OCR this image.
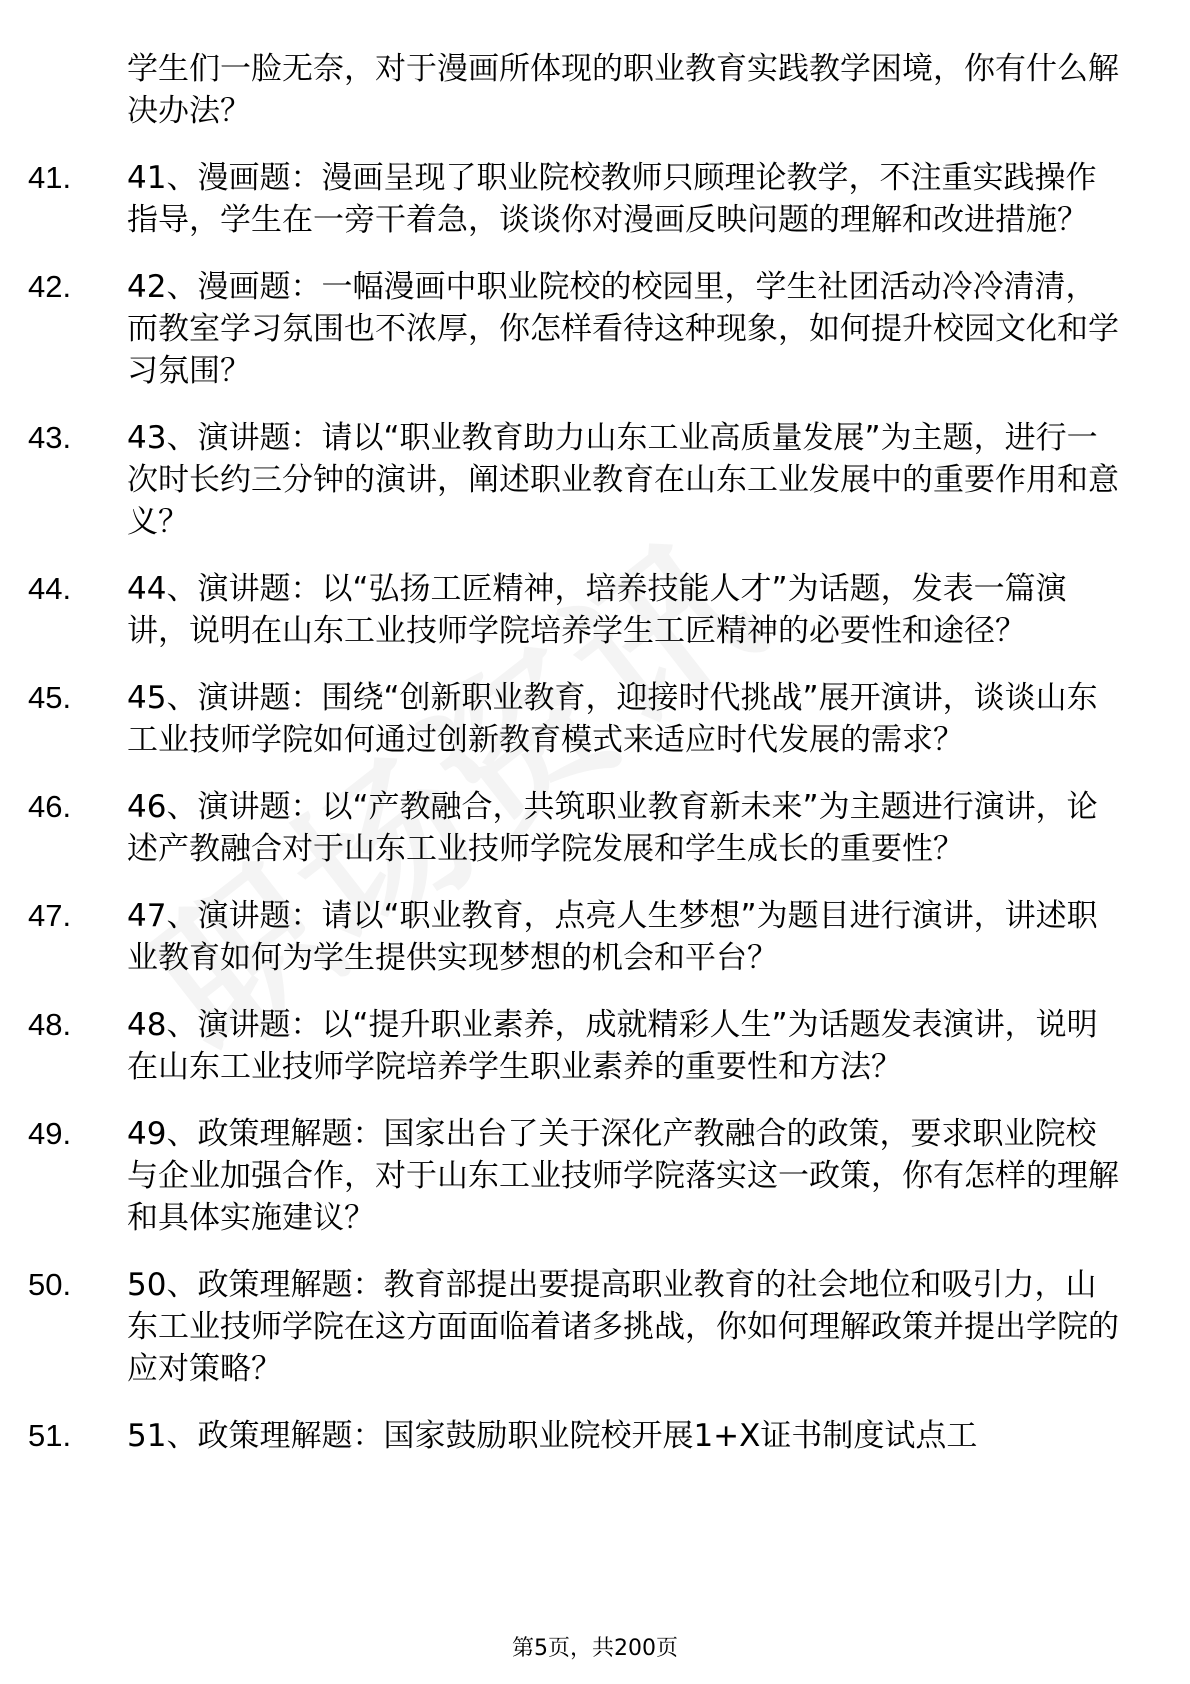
学生们一脸无奈，对于漫画所体现的职业教育实践教学困境，你有什么解决办法？
41.	41、漫画题：漫画呈现了职业院校教师只顾理论教学，不注重实践操作指导，学生在一旁干着急，谈谈你对漫画反映问题的理解和改进措施？
42.	42、漫画题：一幅漫画中职业院校的校园里，学生社团活动冷冷清清，而教室学习氛围也不浓厚，你怎样看待这种现象，如何提升校园文化和学习氛围？
43.	43、演讲题：请以“职业教育助力山东工业高质量发展”为主题，进行一次时长约三分钟的演讲，阐述职业教育在山东工业发展中的重要作用和意义？
44.	44、演讲题：以“弘扬工匠精神，培养技能人才”为话题，发表一篇演讲，说明在山东工业技师学院培养学生工匠精神的必要性和途径？
45.	45、演讲题：围绕“创新职业教育，迎接时代挑战”展开演讲，谈谈山东工业技师学院如何通过创新教育模式来适应时代发展的需求？
46.	46、演讲题：以“产教融合，共筑职业教育新未来”为主题进行演讲，论述产教融合对于山东工业技师学院发展和学生成长的重要性？
47.	47、演讲题：请以“职业教育，点亮人生梦想”为题目进行演讲，讲述职业教育如何为学生提供实现梦想的机会和平台？
48.	48、演讲题：以“提升职业素养，成就精彩人生”为话题发表演讲，说明在山东工业技师学院培养学生职业素养的重要性和方法？
49.	49、政策理解题：国家出台了关于深化产教融合的政策，要求职业院校与企业加强合作，对于山东工业技师学院落实这一政策，你有怎样的理解和具体实施建议？
50.	50、政策理解题：教育部提出要提高职业教育的社会地位和吸引力，山东工业技师学院在这方面面临着诸多挑战，你如何理解政策并提出学院的应对策略？
51.	51、政策理解题：国家鼓励职业院校开展1+X证书制度试点工
第5页，共200页
